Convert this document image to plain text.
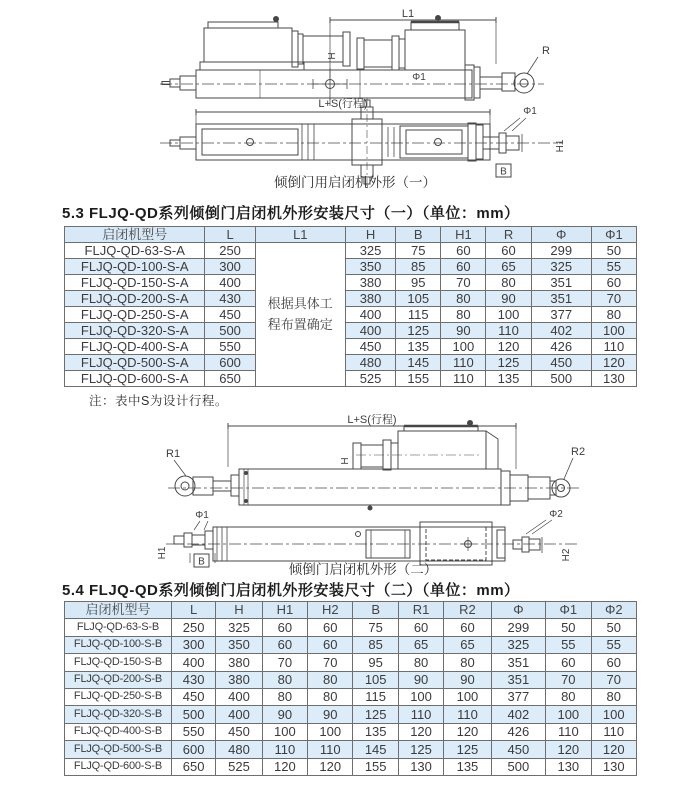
L1
H
Φ1
R
L+S(行程)
Φ1
B
H1
倾倒门用启闭机外形（一）
5.3 FLJQ-QD系列倾倒门启闭机外形安装尺寸（一）（单位：mm）
启闭机型号	L	L1	H	B	H1	R	Φ	Φ1
FLJQ-QD-63-S-A	250	根据具体工程布置确定	325	75	60	60	299	50
FLJQ-QD-100-S-A	300		350	85	60	65	325	55
FLJQ-QD-150-S-A	400		380	95	70	80	351	60
FLJQ-QD-200-S-A	430		380	105	80	90	351	70
FLJQ-QD-250-S-A	450		400	115	80	100	377	80
FLJQ-QD-320-S-A	500		400	125	90	110	402	100
FLJQ-QD-400-S-A	550		450	135	100	120	426	110
FLJQ-QD-500-S-A	600		480	145	110	125	450	120
FLJQ-QD-600-S-A	650		525	155	110	135	500	130
注：表中S为设计行程。
L+S(行程)
R1	R2
H
Φ1	Φ2
H1
B
H2
倾倒门启闭机外形（二）
5.4 FLJQ-QD系列倾倒门启闭机外形安装尺寸（二）（单位：mm）
启闭机型号	L	H	H1	H2	B	R1	R2	Φ	Φ1	Φ2
FLJQ-QD-63-S-B	250	325	60	60	75	60	60	299	50	50
FLJQ-QD-100-S-B	300	350	60	60	85	65	65	325	55	55
FLJQ-QD-150-S-B	400	380	70	70	95	80	80	351	60	60
FLJQ-QD-200-S-B	430	380	80	80	105	90	90	351	70	70
FLJQ-QD-250-S-B	450	400	80	80	115	100	100	377	80	80
FLJQ-QD-320-S-B	500	400	90	90	125	110	110	402	100	100
FLJQ-QD-400-S-B	550	450	100	100	135	120	120	426	110	110
FLJQ-QD-500-S-B	600	480	110	110	145	125	125	450	120	120
FLJQ-QD-600-S-B	650	525	120	120	155	130	135	500	130	130
